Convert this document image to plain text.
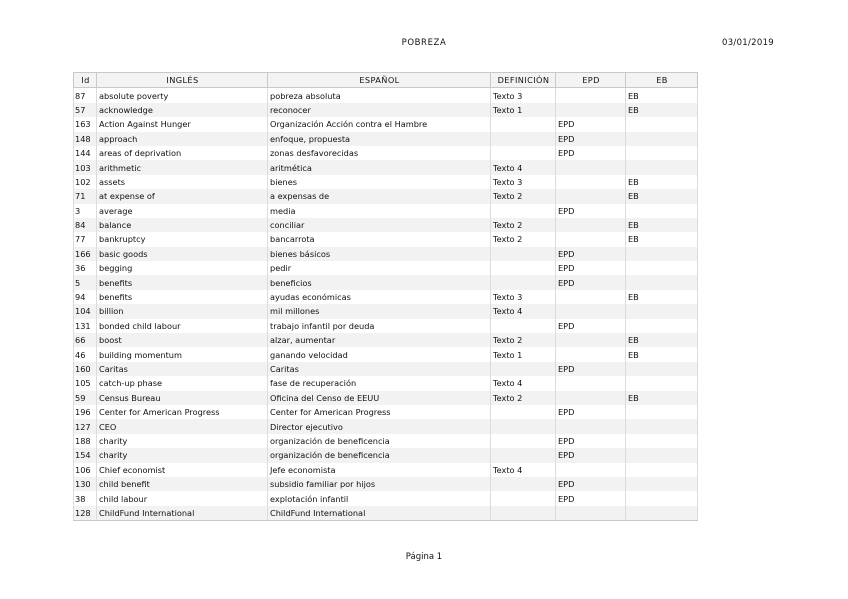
POBREZA	03/01/2019
Id	INGLÉS	ESPAÑOL	DEFINICIÓN	EPD	EB
87	absolute poverty	pobreza absoluta	Texto 3		EB
57	acknowledge	reconocer	Texto 1		EB
163	Action Against Hunger	Organización Acción contra el Hambre		EPD	
148	approach	enfoque, propuesta		EPD	
144	areas of deprivation	zonas desfavorecidas		EPD	
103	arithmetic	aritmética	Texto 4		
102	assets	bienes	Texto 3		EB
71	at expense of	a expensas de	Texto 2		EB
3	average	media		EPD	
84	balance	conciliar	Texto 2		EB
77	bankruptcy	bancarrota	Texto 2		EB
166	basic goods	bienes básicos		EPD	
36	begging	pedir		EPD	
5	benefits	beneficios		EPD	
94	benefits	ayudas económicas	Texto 3		EB
104	billion	mil millones	Texto 4		
131	bonded child labour	trabajo infantil por deuda		EPD	
66	boost	alzar, aumentar	Texto 2		EB
46	building momentum	ganando velocidad	Texto 1		EB
160	Caritas	Caritas		EPD	
105	catch-up phase	fase de recuperación	Texto 4		
59	Census Bureau	Oficina del Censo de EEUU	Texto 2		EB
196	Center for American Progress	Center for American Progress		EPD	
127	CEO	Director ejecutivo			
188	charity	organización de beneficencia		EPD	
154	charity	organización de beneficencia		EPD	
106	Chief economist	Jefe economista	Texto 4		
130	child benefit	subsidio familiar por hijos		EPD	
38	child labour	explotación infantil		EPD	
128	ChildFund International	ChildFund International			
Página 1
